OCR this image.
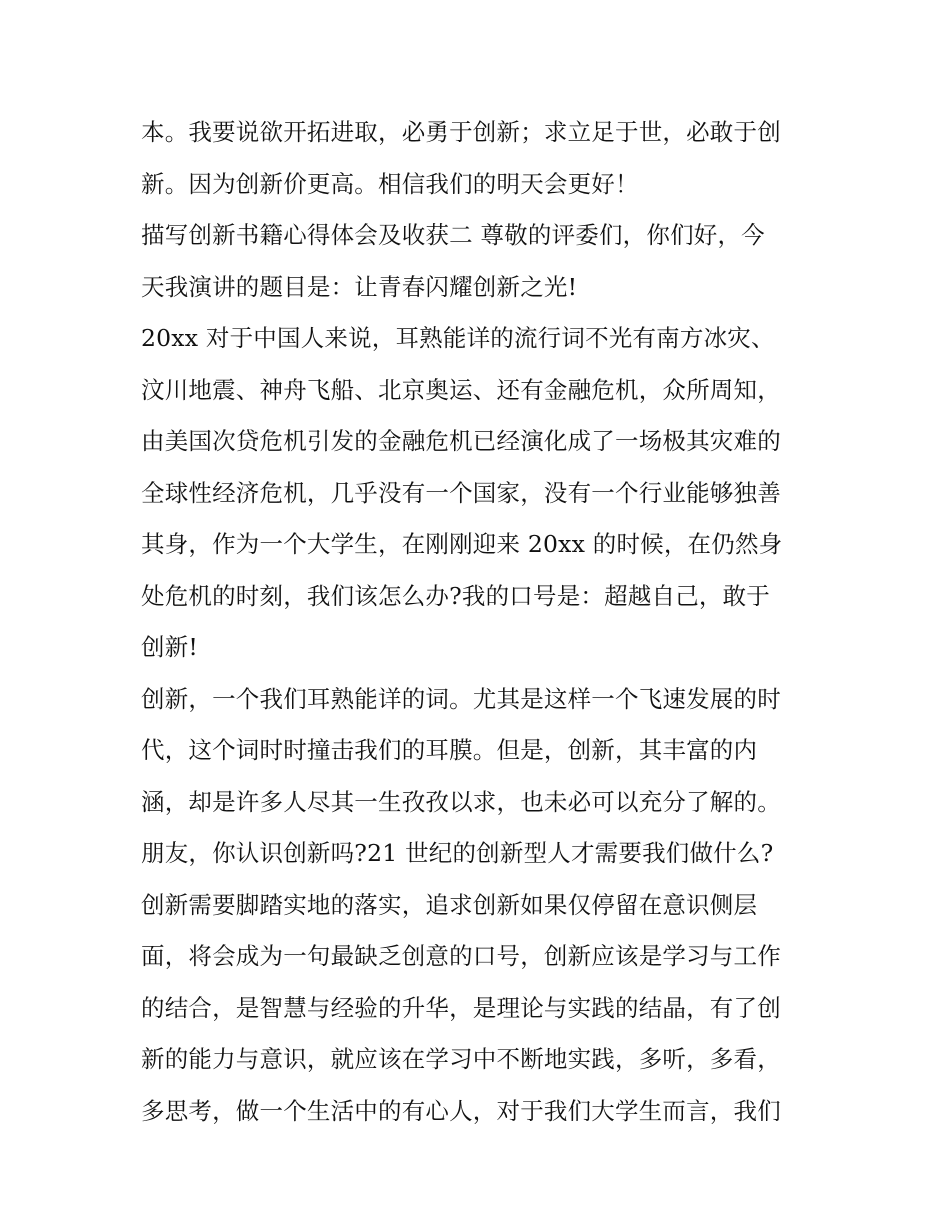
本。我要说欲开拓进取，必勇于创新；求立足于世，必敢于创
新。因为创新价更高。相信我们的明天会更好！
描写创新书籍心得体会及收获二 尊敬的评委们，你们好，今
天我演讲的题目是：让青春闪耀创新之光!
20xx 对于中国人来说，耳熟能详的流行词不光有南方冰灾、
汶川地震、神舟飞船、北京奥运、还有金融危机，众所周知，
由美国次贷危机引发的金融危机已经演化成了一场极其灾难的
全球性经济危机，几乎没有一个国家，没有一个行业能够独善
其身，作为一个大学生，在刚刚迎来 20xx 的时候，在仍然身
处危机的时刻，我们该怎么办?我的口号是：超越自己，敢于
创新!
创新，一个我们耳熟能详的词。尤其是这样一个飞速发展的时
代，这个词时时撞击我们的耳膜。但是，创新，其丰富的内
涵，却是许多人尽其一生孜孜以求，也未必可以充分了解的。
朋友，你认识创新吗?21 世纪的创新型人才需要我们做什么?
创新需要脚踏实地的落实，追求创新如果仅停留在意识侧层
面，将会成为一句最缺乏创意的口号，创新应该是学习与工作
的结合，是智慧与经验的升华，是理论与实践的结晶，有了创
新的能力与意识，就应该在学习中不断地实践，多听，多看，
多思考，做一个生活中的有心人，对于我们大学生而言，我们
